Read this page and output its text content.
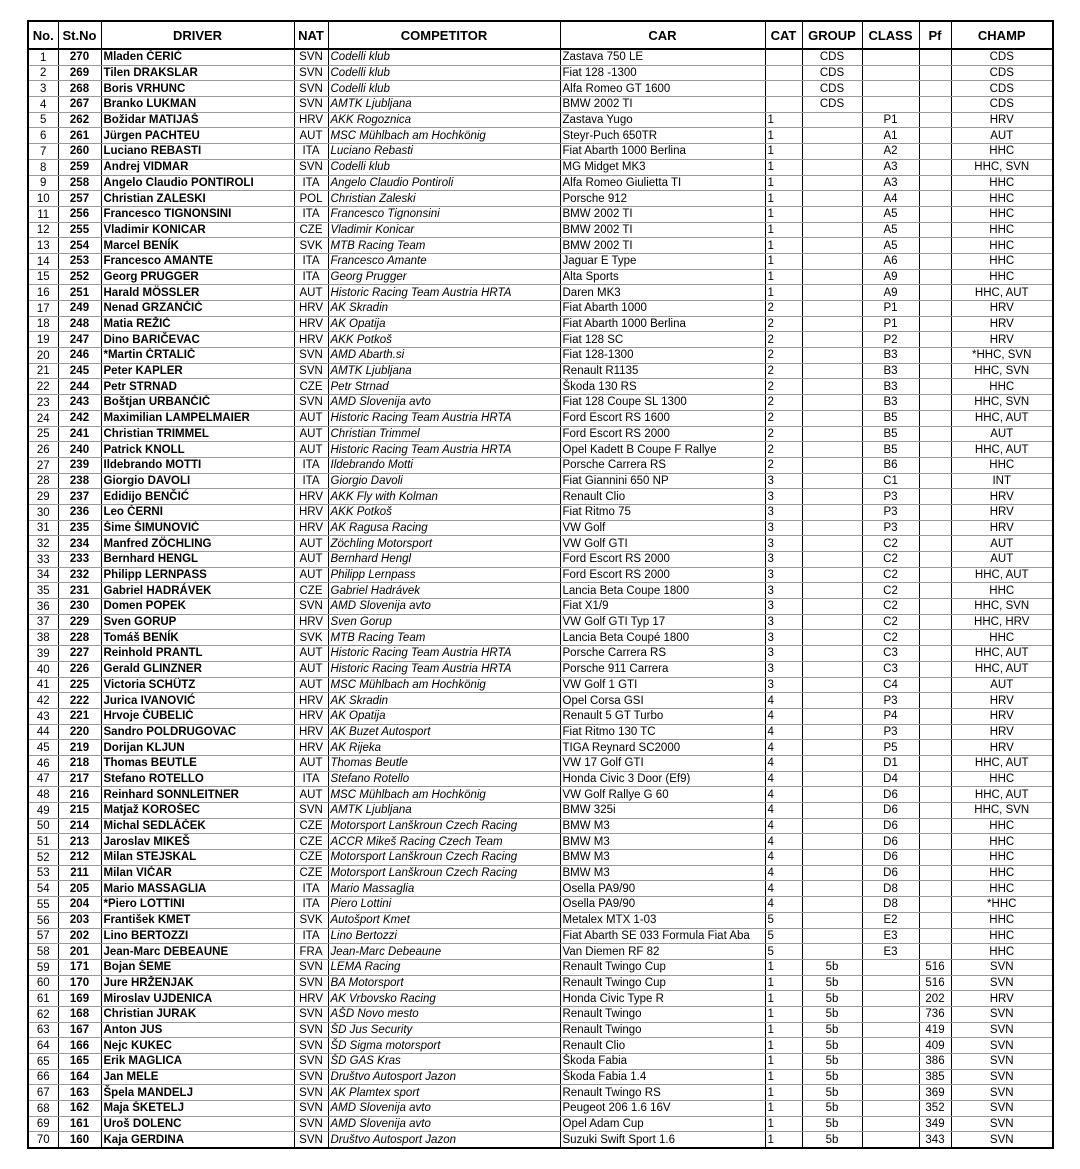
No.	St.No	DRIVER	NAT	COMPETITOR	CAR	CAT	GROUP	CLASS	Pf	CHAMP
1	270	Mladen ČERIĆ	SVN	Codelli klub	Zastava 750 LE		CDS			CDS
2	269	Tilen DRAKSLAR	SVN	Codelli klub	Fiat 128 -1300		CDS			CDS
3	268	Boris VRHUNC	SVN	Codelli klub	Alfa Romeo GT 1600		CDS			CDS
4	267	Branko LUKMAN	SVN	AMTK Ljubljana	BMW 2002 TI		CDS			CDS
5	262	Božidar MATIJAŠ	HRV	AKK Rogoznica	Zastava Yugo	1		P1		HRV
6	261	Jürgen PACHTEU	AUT	MSC Mühlbach am Hochkönig	Steyr-Puch 650TR	1		A1		AUT
7	260	Luciano REBASTI	ITA	Luciano Rebasti	Fiat Abarth 1000 Berlina	1		A2		HHC
8	259	Andrej VIDMAR	SVN	Codelli klub	MG Midget MK3	1		A3		HHC, SVN
9	258	Angelo Claudio PONTIROLI	ITA	Angelo Claudio Pontiroli	Alfa Romeo Giulietta TI	1		A3		HHC
10	257	Christian ZALESKI	POL	Christian Zaleski	Porsche 912	1		A4		HHC
11	256	Francesco TIGNONSINI	ITA	Francesco Tignonsini	BMW 2002 TI	1		A5		HHC
12	255	Vladimir KONICAR	CZE	Vladimir Konicar	BMW 2002 TI	1		A5		HHC
13	254	Marcel BENÍK	SVK	MTB Racing Team	BMW 2002 TI	1		A5		HHC
14	253	Francesco AMANTE	ITA	Francesco Amante	Jaguar E Type	1		A6		HHC
15	252	Georg PRUGGER	ITA	Georg Prugger	Alta Sports	1		A9		HHC
16	251	Harald MÖSSLER	AUT	Historic Racing Team Austria HRTA	Daren MK3	1		A9		HHC, AUT
17	249	Nenad GRZANČIĆ	HRV	AK Skradin	Fiat Abarth 1000	2		P1		HRV
18	248	Matia REŽIĆ	HRV	AK Opatija	Fiat Abarth 1000 Berlina	2		P1		HRV
19	247	Dino BARIČEVAC	HRV	AKK Potkoš	Fiat 128 SC	2		P2		HRV
20	246	*Martin ČRTALIČ	SVN	AMD Abarth.si	Fiat 128-1300	2		B3		*HHC, SVN
21	245	Peter KAPLER	SVN	AMTK Ljubljana	Renault R1135	2		B3		HHC, SVN
22	244	Petr STRNAD	CZE	Petr Strnad	Škoda 130 RS	2		B3		HHC
23	243	Boštjan URBANČIČ	SVN	AMD Slovenija avto	Fiat 128 Coupe SL 1300	2		B3		HHC, SVN
24	242	Maximilian LAMPELMAIER	AUT	Historic Racing Team Austria HRTA	Ford Escort RS 1600	2		B5		HHC, AUT
25	241	Christian TRIMMEL	AUT	Christian Trimmel	Ford Escort RS 2000	2		B5		AUT
26	240	Patrick KNOLL	AUT	Historic Racing Team Austria HRTA	Opel Kadett B Coupe F Rallye	2		B5		HHC, AUT
27	239	Ildebrando MOTTI	ITA	Ildebrando Motti	Porsche Carrera RS	2		B6		HHC
28	238	Giorgio DAVOLI	ITA	Giorgio Davoli	Fiat Giannini 650 NP	3		C1		INT
29	237	Edidijo BENČIĆ	HRV	AKK Fly with Kolman	Renault Clio	3		P3		HRV
30	236	Leo ČERNI	HRV	AKK Potkoš	Fiat Ritmo 75	3		P3		HRV
31	235	Šime ŠIMUNOVIĆ	HRV	AK Ragusa Racing	VW Golf	3		P3		HRV
32	234	Manfred ZÖCHLING	AUT	Zöchling Motorsport	VW Golf GTI	3		C2		AUT
33	233	Bernhard HENGL	AUT	Bernhard Hengl	Ford Escort RS 2000	3		C2		AUT
34	232	Philipp LERNPASS	AUT	Philipp Lernpass	Ford Escort RS 2000	3		C2		HHC, AUT
35	231	Gabriel HADRÁVEK	CZE	Gabriel Hadrávek	Lancia Beta Coupe 1800	3		C2		HHC
36	230	Domen POPEK	SVN	AMD Slovenija avto	Fiat X1/9	3		C2		HHC, SVN
37	229	Sven GORUP	HRV	Sven Gorup	VW Golf GTI Typ 17	3		C2		HHC, HRV
38	228	Tomáš BENÍK	SVK	MTB Racing Team	Lancia Beta Coupé 1800	3		C2		HHC
39	227	Reinhold PRANTL	AUT	Historic Racing Team Austria HRTA	Porsche Carrera RS	3		C3		HHC, AUT
40	226	Gerald GLINZNER	AUT	Historic Racing Team Austria HRTA	Porsche 911 Carrera	3		C3		HHC, AUT
41	225	Victoria SCHÜTZ	AUT	MSC Mühlbach am Hochkönig	VW Golf 1 GTI	3		C4		AUT
42	222	Jurica IVANOVIĆ	HRV	AK Skradin	Opel Corsa GSI	4		P3		HRV
43	221	Hrvoje ČUBELIĆ	HRV	AK Opatija	Renault 5 GT Turbo	4		P4		HRV
44	220	Sandro POLDRUGOVAC	HRV	AK Buzet Autosport	Fiat Ritmo 130 TC	4		P3		HRV
45	219	Dorijan KLJUN	HRV	AK Rijeka	TIGA Reynard SC2000	4		P5		HRV
46	218	Thomas BEUTLE	AUT	Thomas Beutle	VW 17 Golf GTI	4		D1		HHC, AUT
47	217	Stefano ROTELLO	ITA	Stefano Rotello	Honda Civic 3 Door (Ef9)	4		D4		HHC
48	216	Reinhard SONNLEITNER	AUT	MSC Mühlbach am Hochkönig	VW Golf Rallye G 60	4		D6		HHC, AUT
49	215	Matjaž KOROŠEC	SVN	AMTK Ljubljana	BMW 325i	4		D6		HHC, SVN
50	214	Michal SEDLÁČEK	CZE	Motorsport Lanškroun Czech Racing	BMW M3	4		D6		HHC
51	213	Jaroslav MIKEŠ	CZE	ACCR Mikeš Racing Czech Team	BMW M3	4		D6		HHC
52	212	Milan STEJSKAL	CZE	Motorsport Lanškroun Czech Racing	BMW M3	4		D6		HHC
53	211	Milan VIČAR	CZE	Motorsport Lanškroun Czech Racing	BMW M3	4		D6		HHC
54	205	Mario MASSAGLIA	ITA	Mario Massaglia	Osella PA9/90	4		D8		HHC
55	204	*Piero LOTTINI	ITA	Piero Lottini	Osella PA9/90	4		D8		*HHC
56	203	František KMET	SVK	Autošport Kmet	Metalex MTX 1-03	5		E2		HHC
57	202	Lino BERTOZZI	ITA	Lino Bertozzi	Fiat Abarth SE 033 Formula Fiat Aba	5		E3		HHC
58	201	Jean-Marc DEBEAUNE	FRA	Jean-Marc Debeaune	Van Diemen RF 82	5		E3		HHC
59	171	Bojan ŠEME	SVN	LEMA Racing	Renault Twingo Cup	1	5b		516	SVN
60	170	Jure HRŽENJAK	SVN	BA Motorsport	Renault Twingo Cup	1	5b		516	SVN
61	169	Miroslav UJDENICA	HRV	AK Vrbovsko Racing	Honda Civic Type R	1	5b		202	HRV
62	168	Christian JURAK	SVN	AŠD Novo mesto	Renault Twingo	1	5b		736	SVN
63	167	Anton JUS	SVN	ŠD Jus Security	Renault Twingo	1	5b		419	SVN
64	166	Nejc KUKEC	SVN	ŠD Sigma motorsport	Renault Clio	1	5b		409	SVN
65	165	Erik MAGLICA	SVN	ŠD GAS Kras	Škoda Fabia	1	5b		386	SVN
66	164	Jan MELE	SVN	Društvo Autosport Jazon	Škoda Fabia 1.4	1	5b		385	SVN
67	163	Špela MANDELJ	SVN	AK Plamtex sport	Renault Twingo RS	1	5b		369	SVN
68	162	Maja ŠKETELJ	SVN	AMD Slovenija avto	Peugeot 206 1.6 16V	1	5b		352	SVN
69	161	Uroš DOLENC	SVN	AMD Slovenija avto	Opel Adam Cup	1	5b		349	SVN
70	160	Kaja GERDINA	SVN	Društvo Autosport Jazon	Suzuki Swift Sport 1.6	1	5b		343	SVN
